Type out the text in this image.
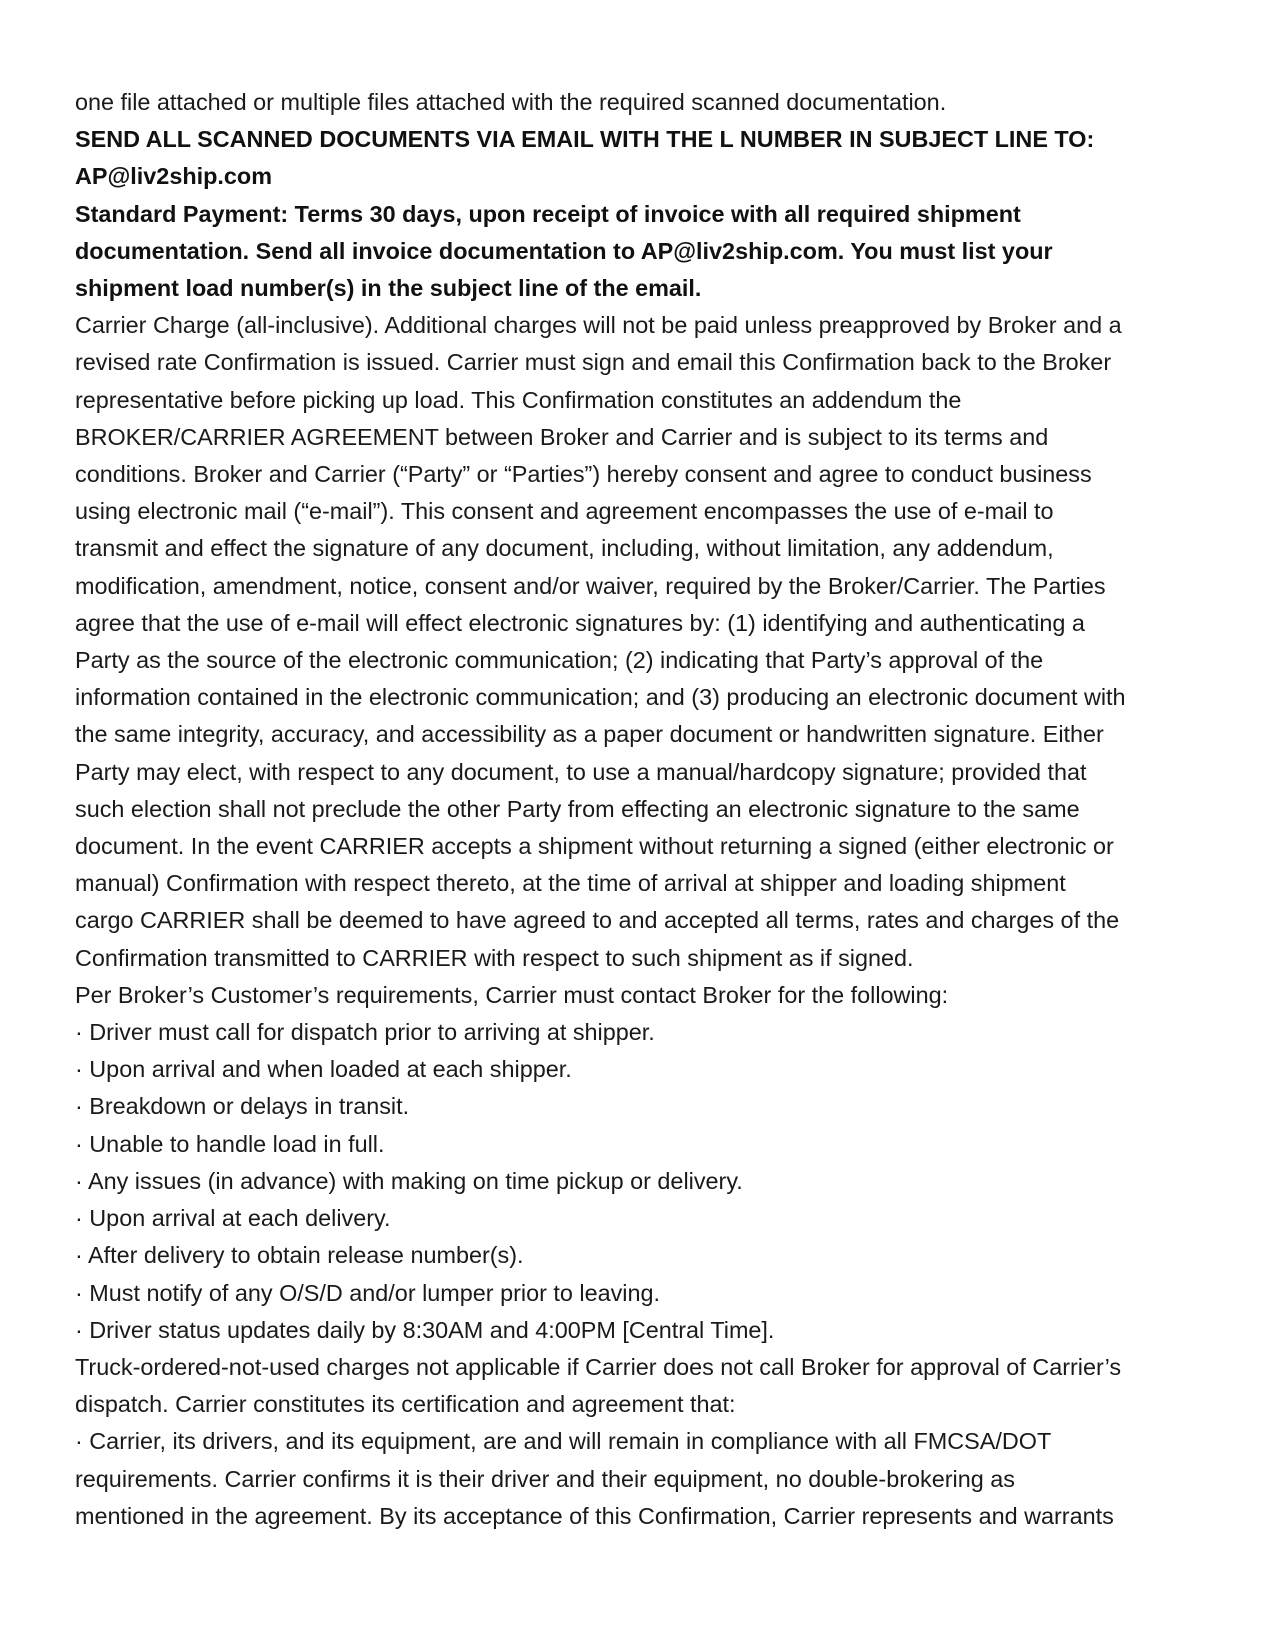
one file attached or multiple files attached with the required scanned documentation.
SEND ALL SCANNED DOCUMENTS VIA EMAIL WITH THE L NUMBER IN SUBJECT LINE TO:
AP@liv2ship.com
Standard Payment: Terms 30 days, upon receipt of invoice with all required shipment
documentation. Send all invoice documentation to AP@liv2ship.com. You must list your
shipment load number(s) in the subject line of the email.
Carrier Charge (all-inclusive). Additional charges will not be paid unless preapproved by Broker and a
revised rate Confirmation is issued. Carrier must sign and email this Confirmation back to the Broker
representative before picking up load. This Confirmation constitutes an addendum the
BROKER/CARRIER AGREEMENT between Broker and Carrier and is subject to its terms and
conditions. Broker and Carrier (“Party” or “Parties”) hereby consent and agree to conduct business
using electronic mail (“e-mail”). This consent and agreement encompasses the use of e-mail to
transmit and effect the signature of any document, including, without limitation, any addendum,
modification, amendment, notice, consent and/or waiver, required by the Broker/Carrier. The Parties
agree that the use of e-mail will effect electronic signatures by: (1) identifying and authenticating a
Party as the source of the electronic communication; (2) indicating that Party’s approval of the
information contained in the electronic communication; and (3) producing an electronic document with
the same integrity, accuracy, and accessibility as a paper document or handwritten signature. Either
Party may elect, with respect to any document, to use a manual/hardcopy signature; provided that
such election shall not preclude the other Party from effecting an electronic signature to the same
document. In the event CARRIER accepts a shipment without returning a signed (either electronic or
manual) Confirmation with respect thereto, at the time of arrival at shipper and loading shipment
cargo CARRIER shall be deemed to have agreed to and accepted all terms, rates and charges of the
Confirmation transmitted to CARRIER with respect to such shipment as if signed.
Per Broker’s Customer’s requirements, Carrier must contact Broker for the following:
· Driver must call for dispatch prior to arriving at shipper.
· Upon arrival and when loaded at each shipper.
· Breakdown or delays in transit.
· Unable to handle load in full.
· Any issues (in advance) with making on time pickup or delivery.
· Upon arrival at each delivery.
· After delivery to obtain release number(s).
· Must notify of any O/S/D and/or lumper prior to leaving.
· Driver status updates daily by 8:30AM and 4:00PM [Central Time].
Truck-ordered-not-used charges not applicable if Carrier does not call Broker for approval of Carrier’s
dispatch. Carrier constitutes its certification and agreement that:
· Carrier, its drivers, and its equipment, are and will remain in compliance with all FMCSA/DOT
requirements. Carrier confirms it is their driver and their equipment, no double-brokering as
mentioned in the agreement. By its acceptance of this Confirmation, Carrier represents and warrants
